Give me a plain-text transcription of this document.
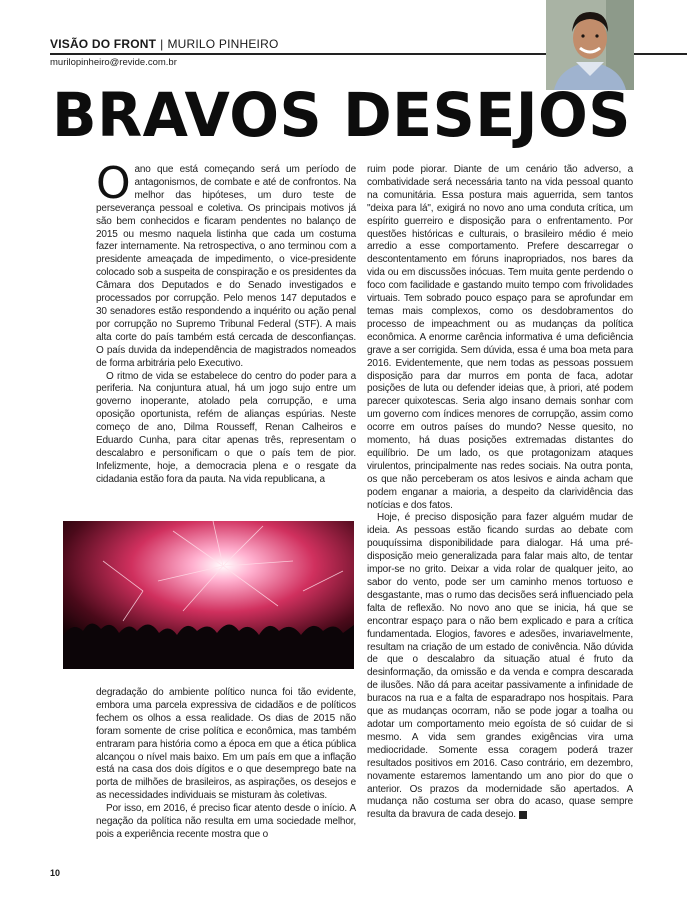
VISÃO DO FRONT | MURILO PINHEIRO
murilopinheiro@revide.com.br
BRAVOS DESEJOS

Oano que está começando será um período de antagonismos, de combate e até de confrontos. Na melhor das hipóteses, um duro teste de perseverança pessoal e coletiva. Os principais motivos já são bem conhecidos e ficaram pendentes no balanço de 2015 ou mesmo naquela listinha que cada um costuma fazer internamente. Na retrospectiva, o ano terminou com a presidente ameaçada de impedimento, o vice-presidente colocado sob a suspeita de conspiração e os presidentes da Câmara dos Deputados e do Senado investigados e processados por corrupção. Pelo menos 147 deputados e 30 senadores estão respondendo a inquérito ou ação penal por corrupção no Supremo Tribunal Federal (STF). A mais alta corte do país também está cercada de desconfianças. O país duvida da independência de magistrados nomeados de forma arbitrária pelo Executivo.

O ritmo de vida se estabelece do centro do poder para a periferia. Na conjuntura atual, há um jogo sujo entre um governo inoperante, atolado pela corrupção, e uma oposição oportunista, refém de alianças espúrias. Neste começo de ano, Dilma Rousseff, Renan Calheiros e Eduardo Cunha, para citar apenas três, representam o descalabro e personificam o que o país tem de pior. Infelizmente, hoje, a democracia plena e o resgate da cidadania estão fora da pauta. Na vida republicana, a

degradação do ambiente político nunca foi tão evidente, embora uma parcela expressiva de cidadãos e de políticos fechem os olhos a essa realidade. Os dias de 2015 não foram somente de crise política e econômica, mas também entraram para história como a época em que a ética pública alcançou o nível mais baixo. Em um país em que a inflação está na casa dos dois dígitos e o que desemprego bate na porta de milhões de brasileiros, as aspirações, os desejos e as necessidades individuais se misturam às coletivas.

Por isso, em 2016, é preciso ficar atento desde o início. A negação da política não resulta em uma sociedade melhor, pois a experiência recente mostra que o

ruim pode piorar. Diante de um cenário tão adverso, a combatividade será necessária tanto na vida pessoal quanto na comunitária. Essa postura mais aguerrida, sem tantos "deixa para lá", exigirá no novo ano uma conduta crítica, um espírito guerreiro e disposição para o enfrentamento. Por questões históricas e culturais, o brasileiro médio é meio arredio a esse comportamento. Prefere descarregar o descontentamento em fóruns inapropriados, nos bares da vida ou em discussões inócuas. Tem muita gente perdendo o foco com facilidade e gastando muito tempo com frivolidades virtuais. Tem sobrado pouco espaço para se aprofundar em temas mais complexos, como os desdobramentos do processo de impeachment ou as mudanças da política econômica. A enorme carência informativa é uma deficiência grave a ser corrigida. Sem dúvida, essa é uma boa meta para 2016. Evidentemente, que nem todas as pessoas possuem disposição para dar murros em ponta de faca, adotar posições de luta ou defender ideias que, à priori, até podem parecer quixotescas. Seria algo insano demais sonhar com um governo com índices menores de corrupção, assim como ocorre em outros países do mundo? Nesse quesito, no momento, há duas posições extremadas distantes do equilíbrio. De um lado, os que protagonizam ataques virulentos, principalmente nas redes sociais. Na outra ponta, os que não perceberam os atos lesivos e ainda acham que podem enganar a maioria, a despeito da clarividência das notícias e dos fatos.

Hoje, é preciso disposição para fazer alguém mudar de ideia. As pessoas estão ficando surdas ao debate com pouquíssima disponibilidade para dialogar. Há uma pré-disposição meio generalizada para falar mais alto, de tentar impor-se no grito. Deixar a vida rolar de qualquer jeito, ao sabor do vento, pode ser um caminho menos tortuoso e desgastante, mas o rumo das decisões será influenciado pela falta de reflexão. No novo ano que se inicia, há que se encontrar espaço para o não bem explicado e para a crítica fundamentada. Elogios, favores e adesões, invariavelmente, resultam na criação de um estado de conivência. Não dúvida de que o descalabro da situação atual é fruto da desinformação, da omissão e da venda e compra descarada de ilusões. Não dá para aceitar passivamente a infinidade de buracos na rua e a falta de esparadrapo nos hospitais. Para que as mudanças ocorram, não se pode jogar a toalha ou adotar um comportamento meio egoísta de só cuidar de si mesmo. A vida sem grandes exigências vira uma mediocridade. Somente essa coragem poderá trazer resultados positivos em 2016. Caso contrário, em dezembro, novamente estaremos lamentando um ano pior do que o anterior. Os prazos da modernidade são apertados. A mudança não costuma ser obra do acaso, quase sempre resulta da bravura de cada desejo. r

10
